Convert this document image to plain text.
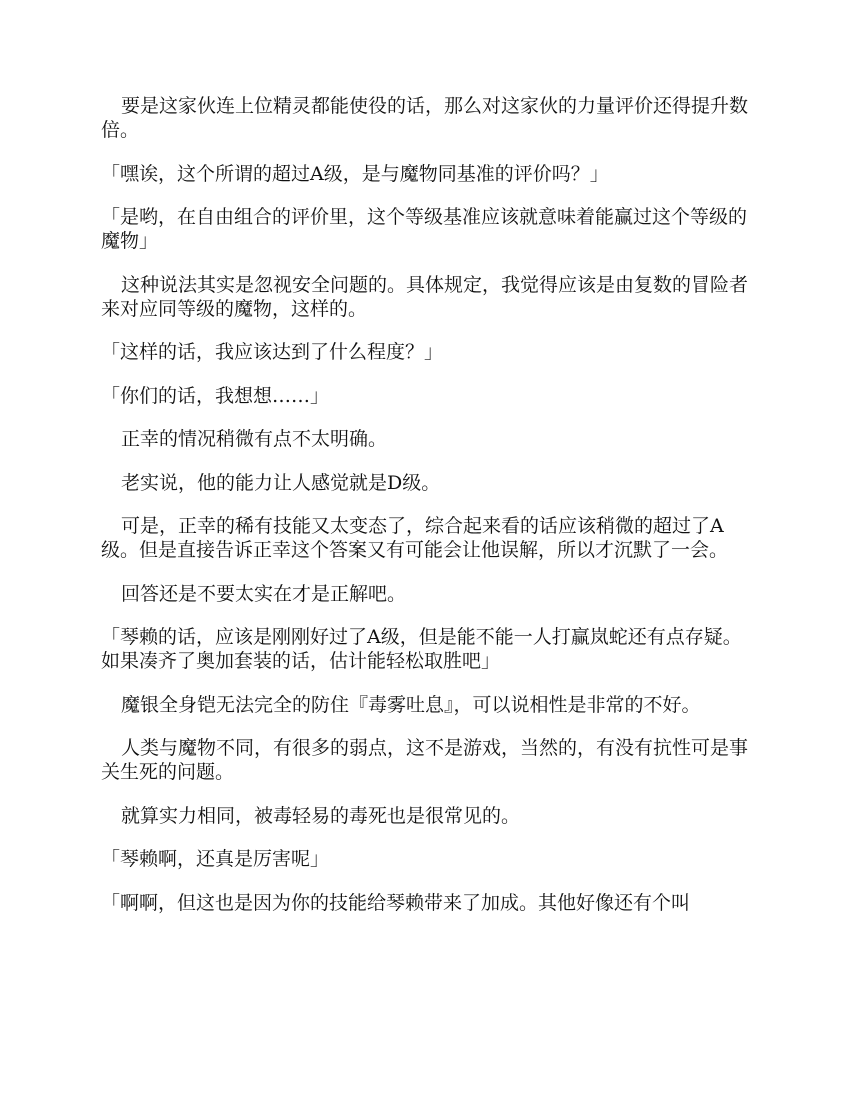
要是这家伙连上位精灵都能使役的话，那么对这家伙的力量评价还得提升数倍。

「嘿诶，这个所谓的超过A级，是与魔物同基准的评价吗？」

「是哟，在自由组合的评价里，这个等级基准应该就意味着能赢过这个等级的魔物」

这种说法其实是忽视安全问题的。具体规定，我觉得应该是由复数的冒险者来对应同等级的魔物，这样的。

「这样的话，我应该达到了什么程度？」

「你们的话，我想想……」

正幸的情况稍微有点不太明确。

老实说，他的能力让人感觉就是D级。

可是，正幸的稀有技能又太变态了，综合起来看的话应该稍微的超过了A级。但是直接告诉正幸这个答案又有可能会让他误解，所以才沉默了一会。

回答还是不要太实在才是正解吧。

「琴赖的话，应该是刚刚好过了A级，但是能不能一人打赢岚蛇还有点存疑。如果凑齐了奥加套装的话，估计能轻松取胜吧」

魔银全身铠无法完全的防住『毒雾吐息』，可以说相性是非常的不好。

人类与魔物不同，有很多的弱点，这不是游戏，当然的，有没有抗性可是事关生死的问题。

就算实力相同，被毒轻易的毒死也是很常见的。

「琴赖啊，还真是厉害呢」

「啊啊，但这也是因为你的技能给琴赖带来了加成。其他好像还有个叫
